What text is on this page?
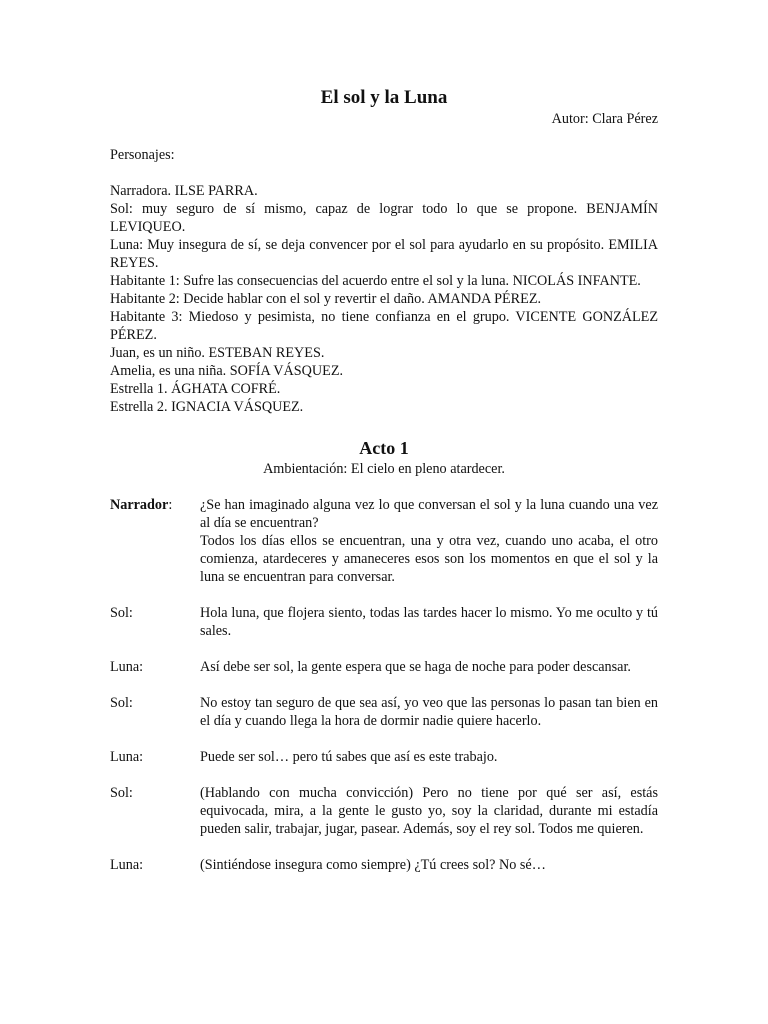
El sol y la Luna
Autor: Clara Pérez
Personajes:
Narradora. ILSE PARRA.
Sol: muy seguro de sí mismo, capaz de lograr todo lo que se propone. BENJAMÍN LEVIQUEO.
Luna: Muy insegura de sí, se deja convencer por el sol para ayudarlo en su propósito. EMILIA REYES.
Habitante 1: Sufre las consecuencias del acuerdo entre el sol y la luna. NICOLÁS INFANTE.
Habitante 2: Decide hablar con el sol y revertir el daño. AMANDA PÉREZ.
Habitante 3: Miedoso y pesimista, no tiene confianza en el grupo. VICENTE GONZÁLEZ PÉREZ.
Juan, es un niño. ESTEBAN REYES.
Amelia, es una niña. SOFÍA VÁSQUEZ.
Estrella 1. ÁGHATA COFRÉ.
Estrella 2. IGNACIA VÁSQUEZ.
Acto 1
Ambientación: El cielo en pleno atardecer.
Narrador:	¿Se han imaginado alguna vez lo que conversan el sol y la luna cuando una vez al día se encuentran?
Todos los días ellos se encuentran, una y otra vez, cuando uno acaba, el otro comienza, atardeceres y amaneceres esos son los momentos en que el sol y la luna se encuentran para conversar.
Sol:	Hola luna, que flojera siento, todas las tardes hacer lo mismo. Yo me oculto y tú sales.
Luna:	Así debe ser sol, la gente espera que se haga de noche para poder descansar.
Sol:	No estoy tan seguro de que sea así, yo veo que las personas lo pasan tan bien en el día y cuando llega la hora de dormir nadie quiere hacerlo.
Luna:	Puede ser sol… pero tú sabes que así es este trabajo.
Sol:	(Hablando con mucha convicción) Pero no tiene por qué ser así, estás equivocada, mira, a la gente le gusto yo, soy la claridad, durante mi estadía pueden salir, trabajar, jugar, pasear. Además, soy el rey sol. Todos me quieren.
Luna:	(Sintiéndose insegura como siempre) ¿Tú crees sol? No sé…
